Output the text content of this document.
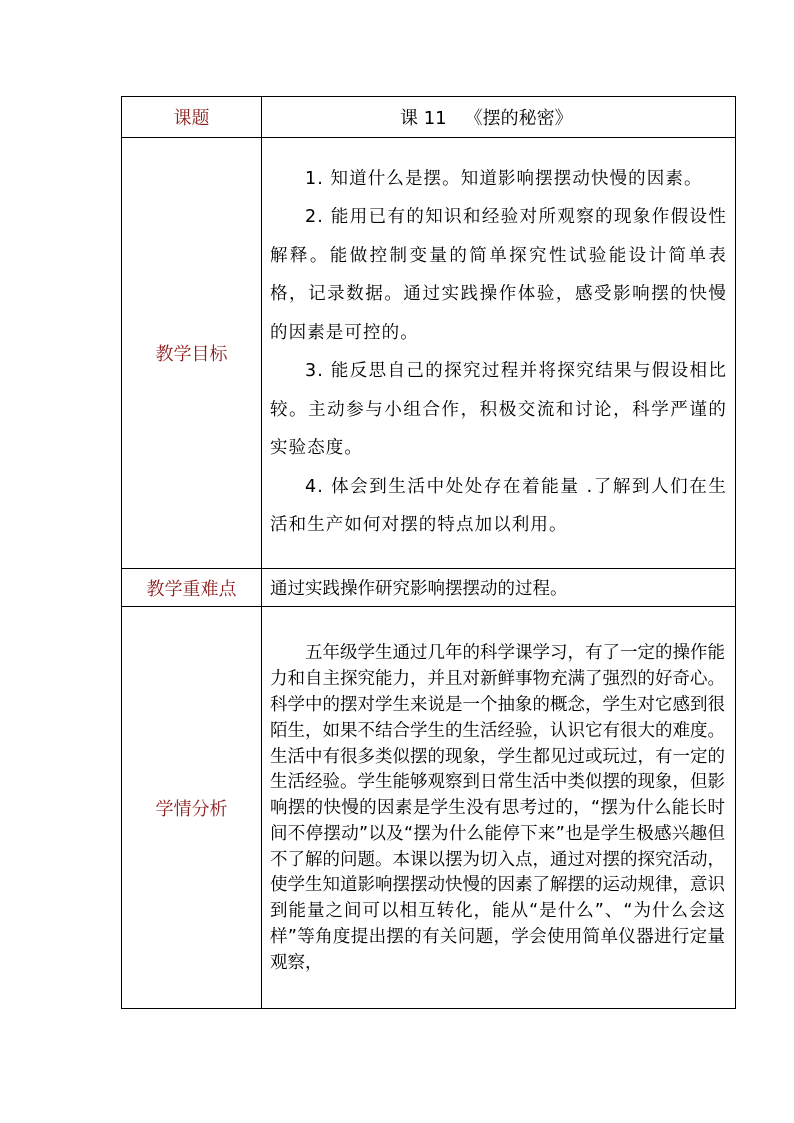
课题	课 11 《摆的秘密》
教学目标	1. 知道什么是摆。知道影响摆摆动快慢的因素。

2. 能用已有的知识和经验对所观察的现象作假设性解释。能做控制变量的简单探究性试验能设计简单表格，记录数据。通过实践操作体验，感受影响摆的快慢的因素是可控的。

3. 能反思自己的探究过程并将探究结果与假设相比较。主动参与小组合作，积极交流和讨论，科学严谨的实验态度。

4. 体会到生活中处处存在着能量 .了解到人们在生活和生产如何对摆的特点加以利用。

教学重难点	通过实践操作研究影响摆摆动的过程。
学情分析	五年级学生通过几年的科学课学习，有了一定的操作能力和自主探究能力，并且对新鲜事物充满了强烈的好奇心。科学中的摆对学生来说是一个抽象的概念，学生对它感到很陌生，如果不结合学生的生活经验，认识它有很大的难度。生活中有很多类似摆的现象，学生都见过或玩过，有一定的生活经验。学生能够观察到日常生活中类似摆的现象，但影响摆的快慢的因素是学生没有思考过的，“摆为什么能长时间不停摆动”以及“摆为什么能停下来”也是学生极感兴趣但不了解的问题。本课以摆为切入点，通过对摆的探究活动，使学生知道影响摆摆动快慢的因素了解摆的运动规律，意识到能量之间可以相互转化，能从“是什么”、“为什么会这样”等角度提出摆的有关问题，学会使用简单仪器进行定量观察，
